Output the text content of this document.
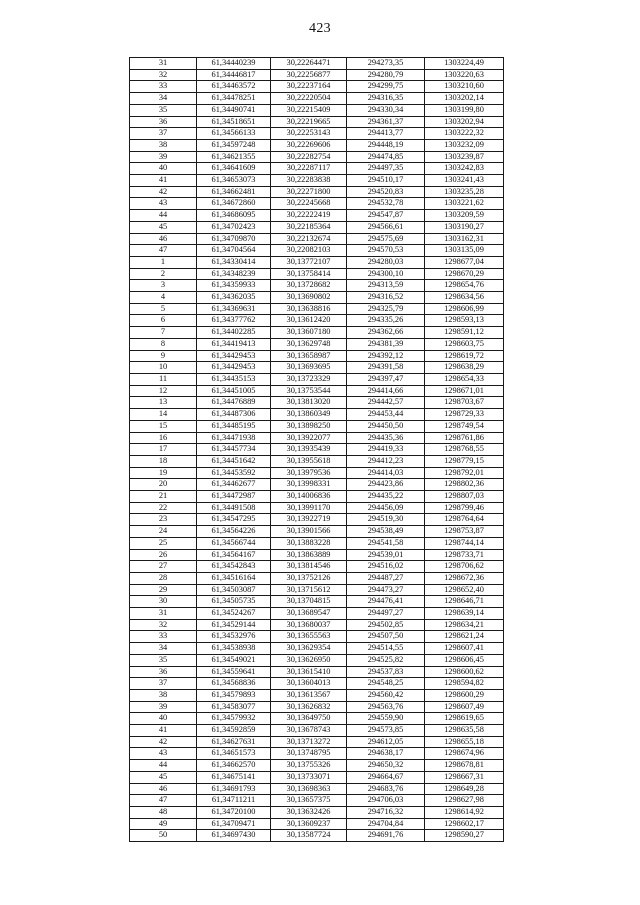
423
31	61,34440239	30,22264471	294273,35	1303224,49
32	61,34446817	30,22256877	294280,79	1303220,63
33	61,34463572	30,22237164	294299,75	1303210,60
34	61,34478251	30,22220504	294316,35	1303202,14
35	61,34490741	30,22215409	294330,34	1303199,80
36	61,34518651	30,22219665	294361,37	1303202,94
37	61,34566133	30,22253143	294413,77	1303222,32
38	61,34597248	30,22269606	294448,19	1303232,09
39	61,34621355	30,22282754	294474,85	1303239,87
40	61,34641609	30,22287117	294497,35	1303242,83
41	61,34653073	30,22283838	294510,17	1303241,43
42	61,34662481	30,22271800	294520,83	1303235,28
43	61,34672860	30,22245668	294532,78	1303221,62
44	61,34686095	30,22222419	294547,87	1303209,59
45	61,34702423	30,22185364	294566,61	1303190,27
46	61,34709870	30,22132674	294575,69	1303162,31
47	61,34704564	30,22082103	294570,53	1303135,09
1	61,34330414	30,13772107	294280,03	1298677,04
2	61,34348239	30,13758414	294300,10	1298670,29
3	61,34359933	30,13728682	294313,59	1298654,76
4	61,34362035	30,13690802	294316,52	1298634,56
5	61,34369631	30,13638816	294325,79	1298606,99
6	61,34377762	30,13612420	294335,26	1298593,13
7	61,34402285	30,13607180	294362,66	1298591,12
8	61,34419413	30,13629748	294381,39	1298603,75
9	61,34429453	30,13658987	294392,12	1298619,72
10	61,34429453	30,13693695	294391,58	1298638,29
11	61,34435153	30,13723329	294397,47	1298654,33
12	61,34451005	30,13753544	294414,66	1298671,01
13	61,34476889	30,13813020	294442,57	1298703,67
14	61,34487306	30,13860349	294453,44	1298729,33
15	61,34485195	30,13898250	294450,50	1298749,54
16	61,34471938	30,13922077	294435,36	1298761,86
17	61,34457734	30,13935439	294419,33	1298768,55
18	61,34451642	30,13955618	294412,23	1298779,15
19	61,34453592	30,13979536	294414,03	1298792,01
20	61,34462677	30,13998331	294423,86	1298802,36
21	61,34472987	30,14006836	294435,22	1298807,03
22	61,34491508	30,13991170	294456,09	1298799,46
23	61,34547295	30,13922719	294519,30	1298764,64
24	61,34564226	30,13901566	294538,49	1298753,87
25	61,34566744	30,13883228	294541,58	1298744,14
26	61,34564167	30,13863889	294539,01	1298733,71
27	61,34542843	30,13814546	294516,02	1298706,62
28	61,34516164	30,13752126	294487,27	1298672,36
29	61,34503087	30,13715612	294473,27	1298652,40
30	61,34505735	30,13704815	294476,41	1298646,71
31	61,34524267	30,13689547	294497,27	1298639,14
32	61,34529144	30,13680037	294502,85	1298634,21
33	61,34532976	30,13655563	294507,50	1298621,24
34	61,34538938	30,13629354	294514,55	1298607,41
35	61,34549021	30,13626950	294525,82	1298606,45
36	61,34559641	30,13615410	294537,83	1298600,62
37	61,34568836	30,13604013	294548,25	1298594,82
38	61,34579893	30,13613567	294560,42	1298600,29
39	61,34583077	30,13626832	294563,76	1298607,49
40	61,34579932	30,13649750	294559,90	1298619,65
41	61,34592859	30,13678743	294573,85	1298635,58
42	61,34627631	30,13713272	294612,05	1298655,18
43	61,34651573	30,13748795	294638,17	1298674,96
44	61,34662570	30,13755326	294650,32	1298678,81
45	61,34675141	30,13733071	294664,67	1298667,31
46	61,34691793	30,13698363	294683,76	1298649,28
47	61,34711211	30,13657375	294706,03	1298627,98
48	61,34720100	30,13632426	294716,32	1298614,92
49	61,34709471	30,13609237	294704,84	1298602,17
50	61,34697430	30,13587724	294691,76	1298590,27
